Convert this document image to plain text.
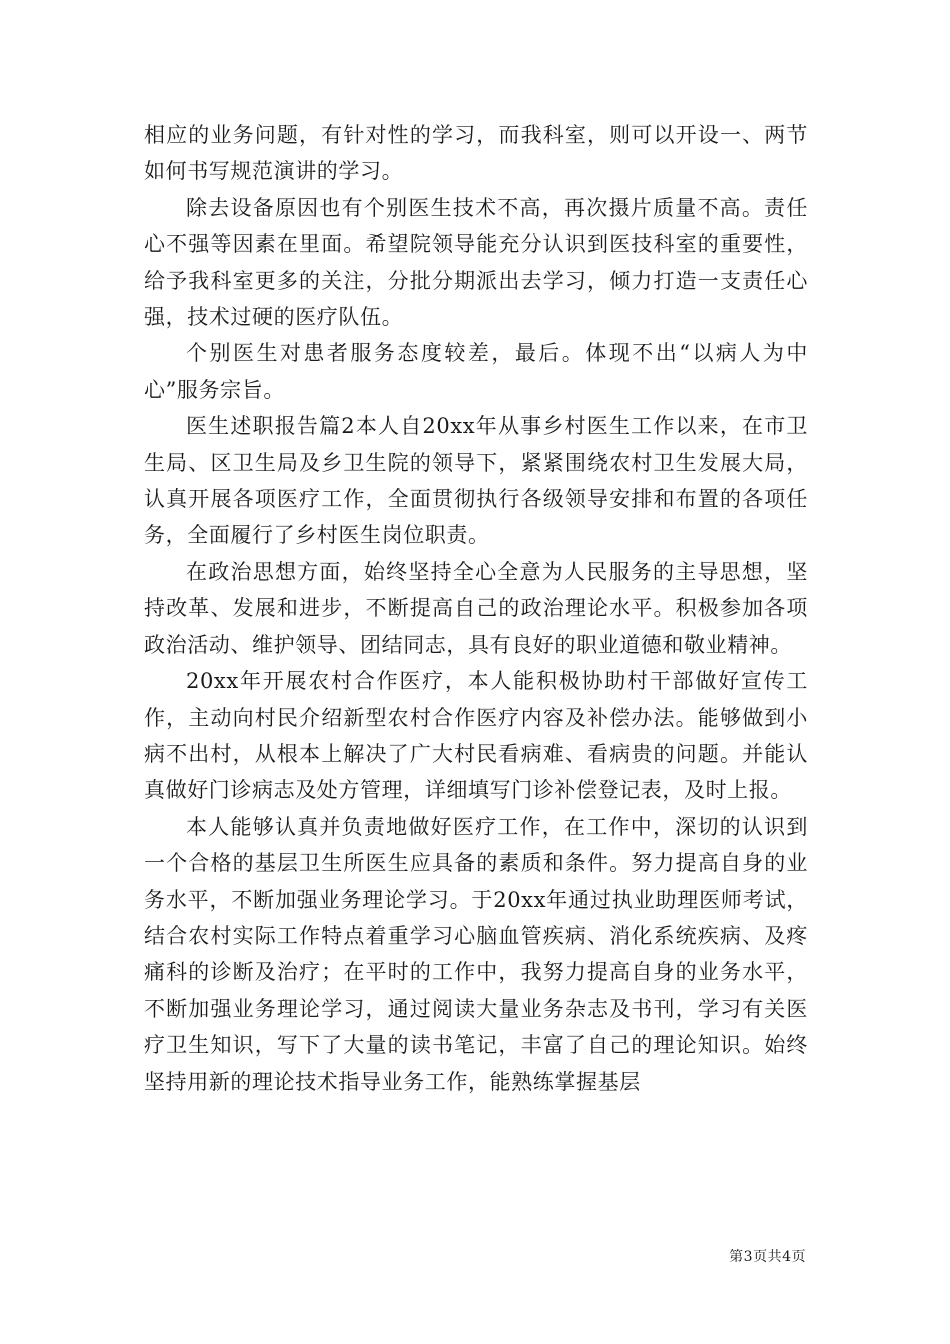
相应的业务问题，有针对性的学习，而我科室，则可以开设一、两节如何书写规范演讲的学习。

除去设备原因也有个别医生技术不高，再次摄片质量不高。责任心不强等因素在里面。希望院领导能充分认识到医技科室的重要性，给予我科室更多的关注，分批分期派出去学习，倾力打造一支责任心强，技术过硬的医疗队伍。

个别医生对患者服务态度较差，最后。体现不出“以病人为中心”服务宗旨。

医生述职报告篇2本人自20xx年从事乡村医生工作以来，在市卫生局、区卫生局及乡卫生院的领导下，紧紧围绕农村卫生发展大局，认真开展各项医疗工作，全面贯彻执行各级领导安排和布置的各项任务，全面履行了乡村医生岗位职责。

在政治思想方面，始终坚持全心全意为人民服务的主导思想，坚持改革、发展和进步，不断提高自己的政治理论水平。积极参加各项政治活动、维护领导、团结同志，具有良好的职业道德和敬业精神。

20xx年开展农村合作医疗，本人能积极协助村干部做好宣传工作，主动向村民介绍新型农村合作医疗内容及补偿办法。能够做到小病不出村，从根本上解决了广大村民看病难、看病贵的问题。并能认真做好门诊病志及处方管理，详细填写门诊补偿登记表，及时上报。

本人能够认真并负责地做好医疗工作，在工作中，深切的认识到一个合格的基层卫生所医生应具备的素质和条件。努力提高自身的业务水平，不断加强业务理论学习。于20xx年通过执业助理医师考试，结合农村实际工作特点着重学习心脑血管疾病、消化系统疾病、及疼痛科的诊断及治疗；在平时的工作中，我努力提高自身的业务水平，不断加强业务理论学习，通过阅读大量业务杂志及书刊，学习有关医疗卫生知识，写下了大量的读书笔记，丰富了自己的理论知识。始终坚持用新的理论技术指导业务工作，能熟练掌握基层

第3页共4页
